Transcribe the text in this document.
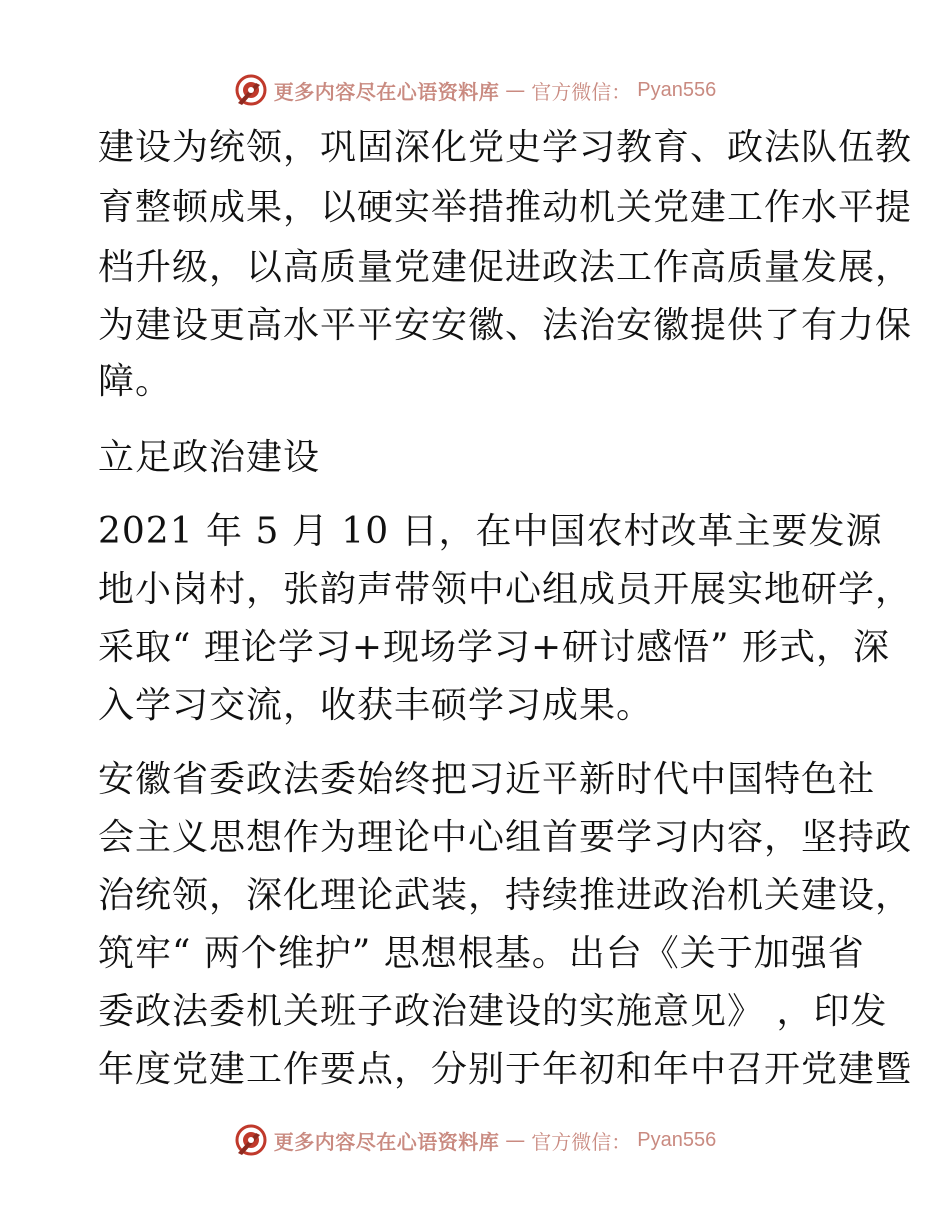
更多内容尽在心语资料库 — 官方微信： Pyan556
建设为统领，巩固深化党史学习教育、政法队伍教
育整顿成果，以硬实举措推动机关党建工作水平提
档升级，以高质量党建促进政法工作高质量发展，
为建设更高水平平安安徽、法治安徽提供了有力保
障。
立足政治建设
2021 年 5 月 10 日，在中国农村改革主要发源
地小岗村，张韵声带领中心组成员开展实地研学，
采取“ 理论学习+现场学习+研讨感悟” 形式，深
入学习交流，收获丰硕学习成果。
安徽省委政法委始终把习近平新时代中国特色社
会主义思想作为理论中心组首要学习内容，坚持政
治统领，深化理论武装，持续推进政治机关建设，
筑牢“ 两个维护” 思想根基。出台《关于加强省
委政法委机关班子政治建设的实施意见》 ，印发
年度党建工作要点，分别于年初和年中召开党建暨
更多内容尽在心语资料库 — 官方微信： Pyan556
